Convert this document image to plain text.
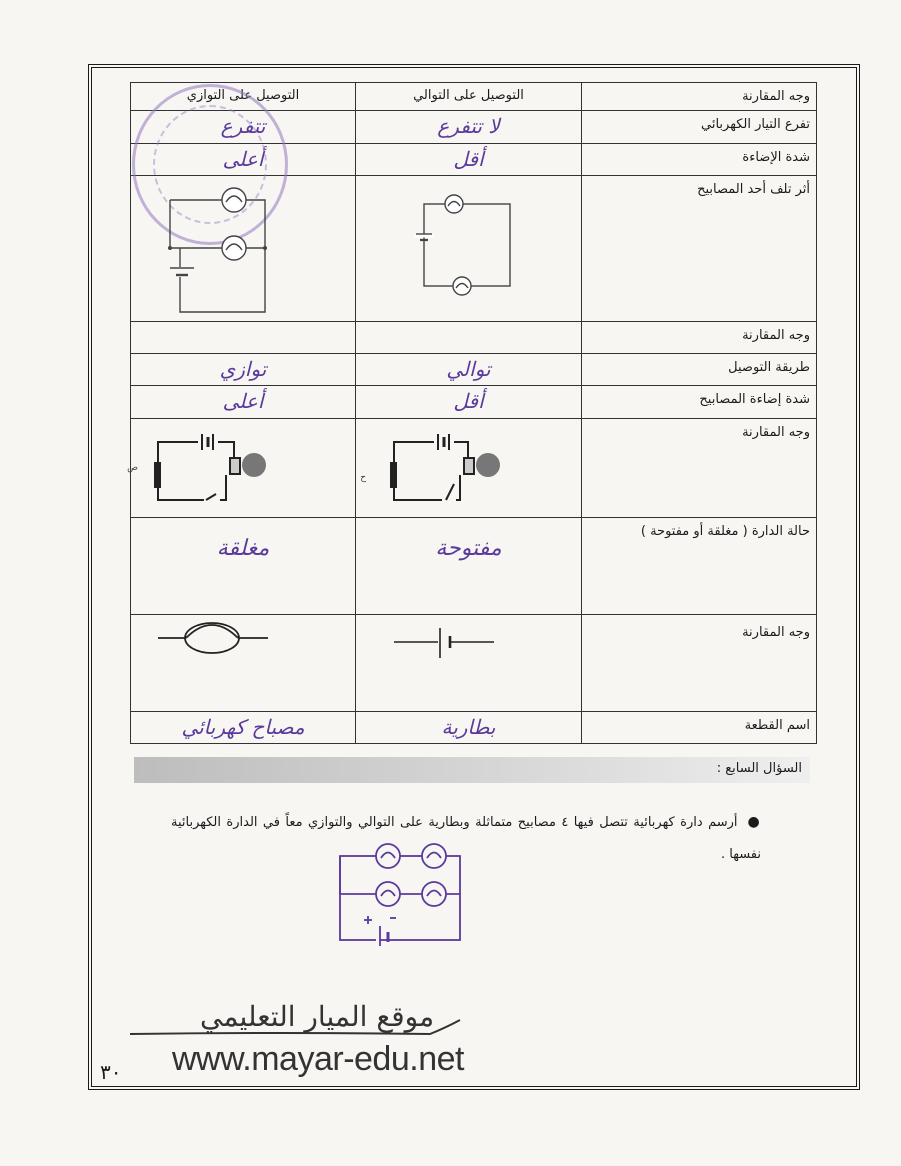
وجه المقارنة	التوصيل على التوالي	التوصيل على التوازي

تفرع التيار الكهربائي	لا تتفرع	تتفرع

شدة الإضاءة	أقل	أعلى

أثر تلف أحد المصابيح		
وجه المقارنة		
طريقة التوصيل	توالي	توازي

شدة إضاءة المصابيح	أقل	أعلى

وجه المقارنة		
حالة الدارة ( مغلقة أو مفتوحة )	مفتوحة	مغلقة

وجه المقارنة		
اسم القطعة	بطارية	مصباح كهربائي
ص
ح
السؤال السابع :
●أرسم دارة كهربائية تتصل فيها ٤ مصابيح متماثلة وبطارية على التوالي والتوازي معاً في الدارة الكهربائية نفسها .
موقع الميار التعليمي
www.mayar-edu.net
٣٠
